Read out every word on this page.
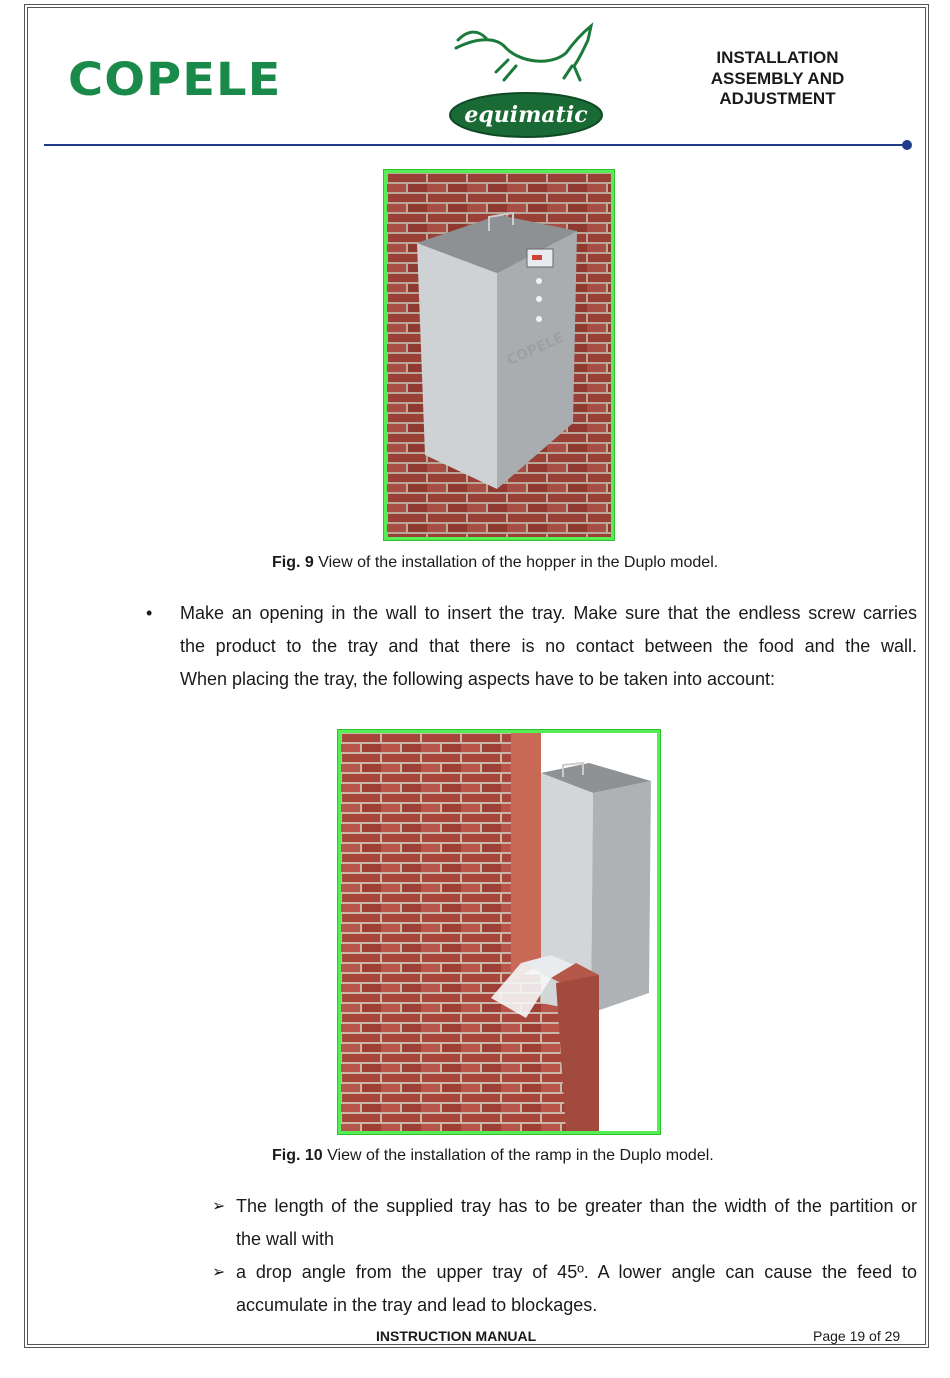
COPELE
equimatic
INSTALLATION
ASSEMBLY AND
ADJUSTMENT
COPELE
Fig. 9 View of the installation of the hopper in the Duplo model.
• Make an opening in the wall to insert the tray. Make sure that the endless screw carries
the product to the tray and that there is no contact between the food and the wall.
When placing the tray, the following aspects have to be taken into account:
Fig. 10 View of the installation of the ramp in the Duplo model.
➢ The length of the supplied tray has to be greater than the width of the partition or
the wall with
➢ a drop angle from the upper tray of 45º. A lower angle can cause the feed to
accumulate in the tray and lead to blockages.
INSTRUCTION MANUAL	Page 19 of 29
